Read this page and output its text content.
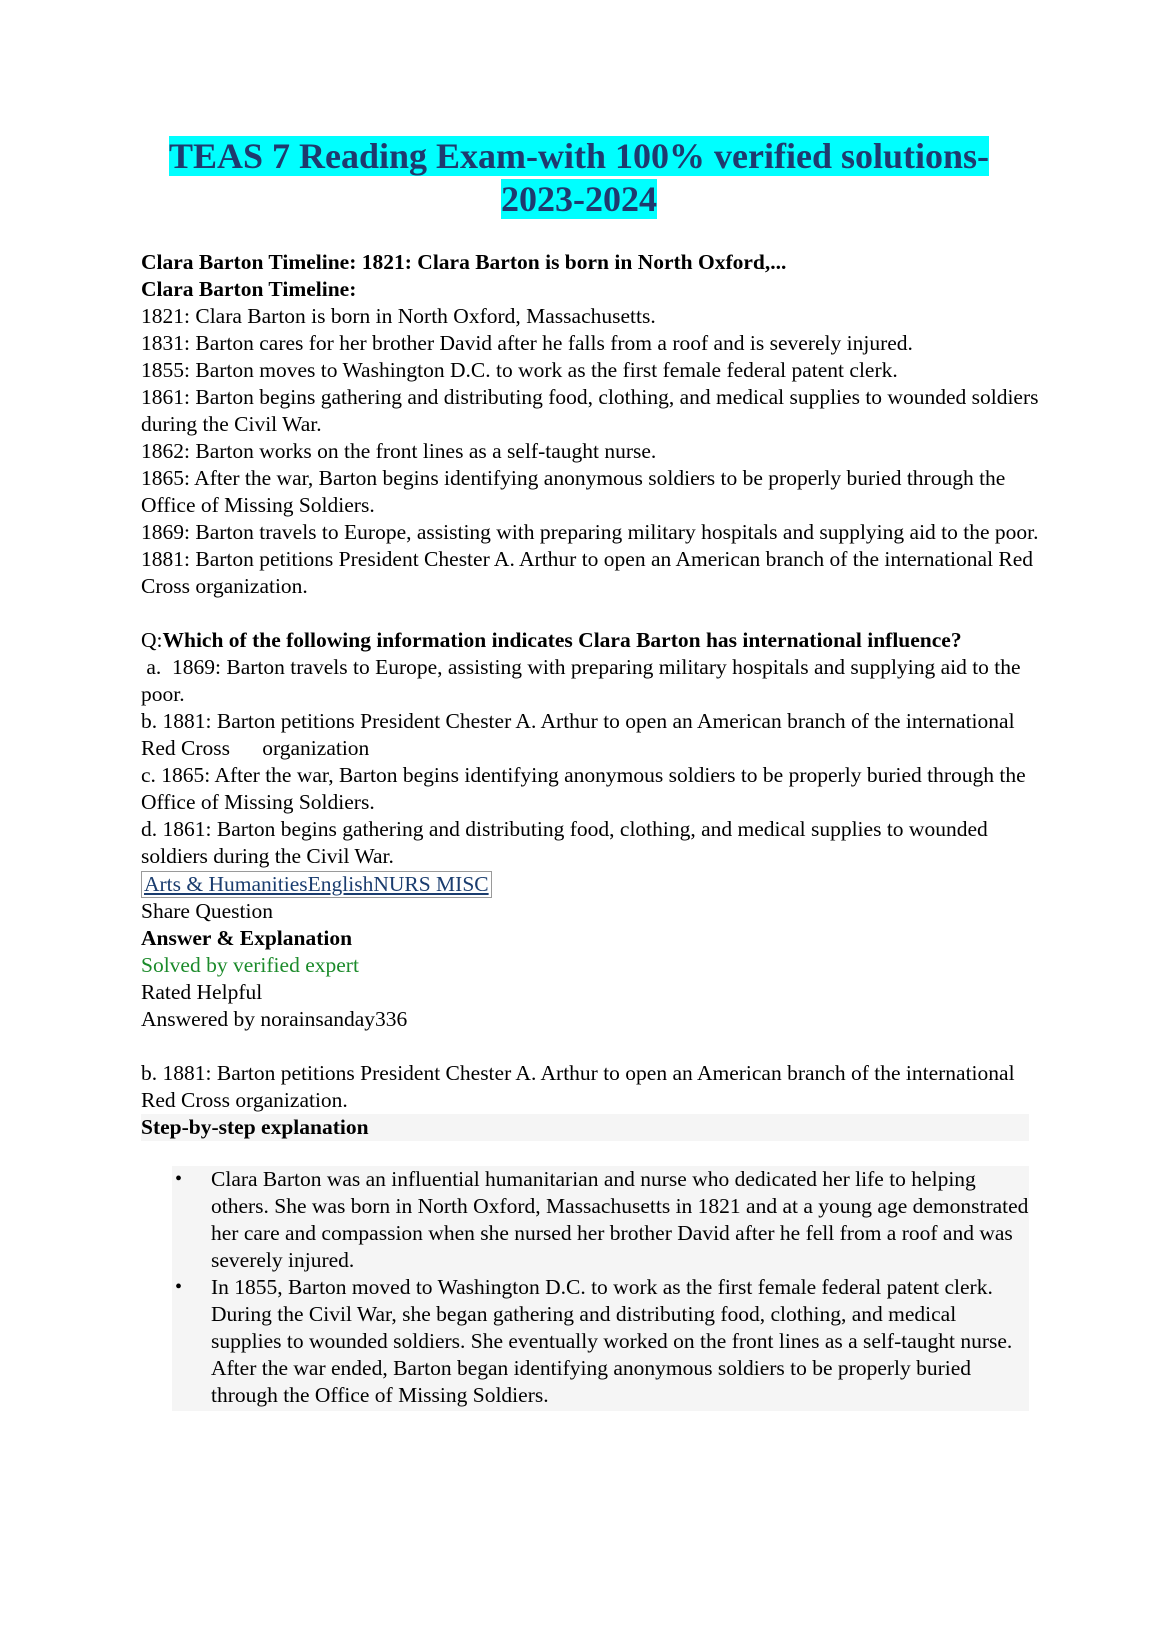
TEAS 7 Reading Exam-with 100% verified solutions-
2023-2024

Clara Barton Timeline: 1821: Clara Barton is born in North Oxford,...

Clara Barton Timeline:

1821: Clara Barton is born in North Oxford, Massachusetts.

1831: Barton cares for her brother David after he falls from a roof and is severely injured.

1855: Barton moves to Washington D.C. to work as the first female federal patent clerk.

1861: Barton begins gathering and distributing food, clothing, and medical supplies to wounded soldiers during the Civil War.

1862: Barton works on the front lines as a self-taught nurse.

1865: After the war, Barton begins identifying anonymous soldiers to be properly buried through the Office of Missing Soldiers.

1869: Barton travels to Europe, assisting with preparing military hospitals and supplying aid to the poor.

1881: Barton petitions President Chester A. Arthur to open an American branch of the international Red Cross organization.

Q:Which of the following information indicates Clara Barton has international influence?

a.  1869: Barton travels to Europe, assisting with preparing military hospitals and supplying aid to the poor.

b. 1881: Barton petitions President Chester A. Arthur to open an American branch of the international Red Cross      organization

c. 1865: After the war, Barton begins identifying anonymous soldiers to be properly buried through the Office of Missing Soldiers.

d. 1861: Barton begins gathering and distributing food, clothing, and medical supplies to wounded soldiers during the Civil War.

Arts & HumanitiesEnglishNURS MISC

Share Question

Answer & Explanation

Solved by verified expert

Rated Helpful

Answered by norainsanday336

b. 1881: Barton petitions President Chester A. Arthur to open an American branch of the international Red Cross organization.

Step-by-step explanation

• Clara Barton was an influential humanitarian and nurse who dedicated her life to helping others. She was born in North Oxford, Massachusetts in 1821 and at a young age demonstrated her care and compassion when she nursed her brother David after he fell from a roof and was severely injured.
• In 1855, Barton moved to Washington D.C. to work as the first female federal patent clerk. During the Civil War, she began gathering and distributing food, clothing, and medical supplies to wounded soldiers. She eventually worked on the front lines as a self-taught nurse. After the war ended, Barton began identifying anonymous soldiers to be properly buried through the Office of Missing Soldiers.
